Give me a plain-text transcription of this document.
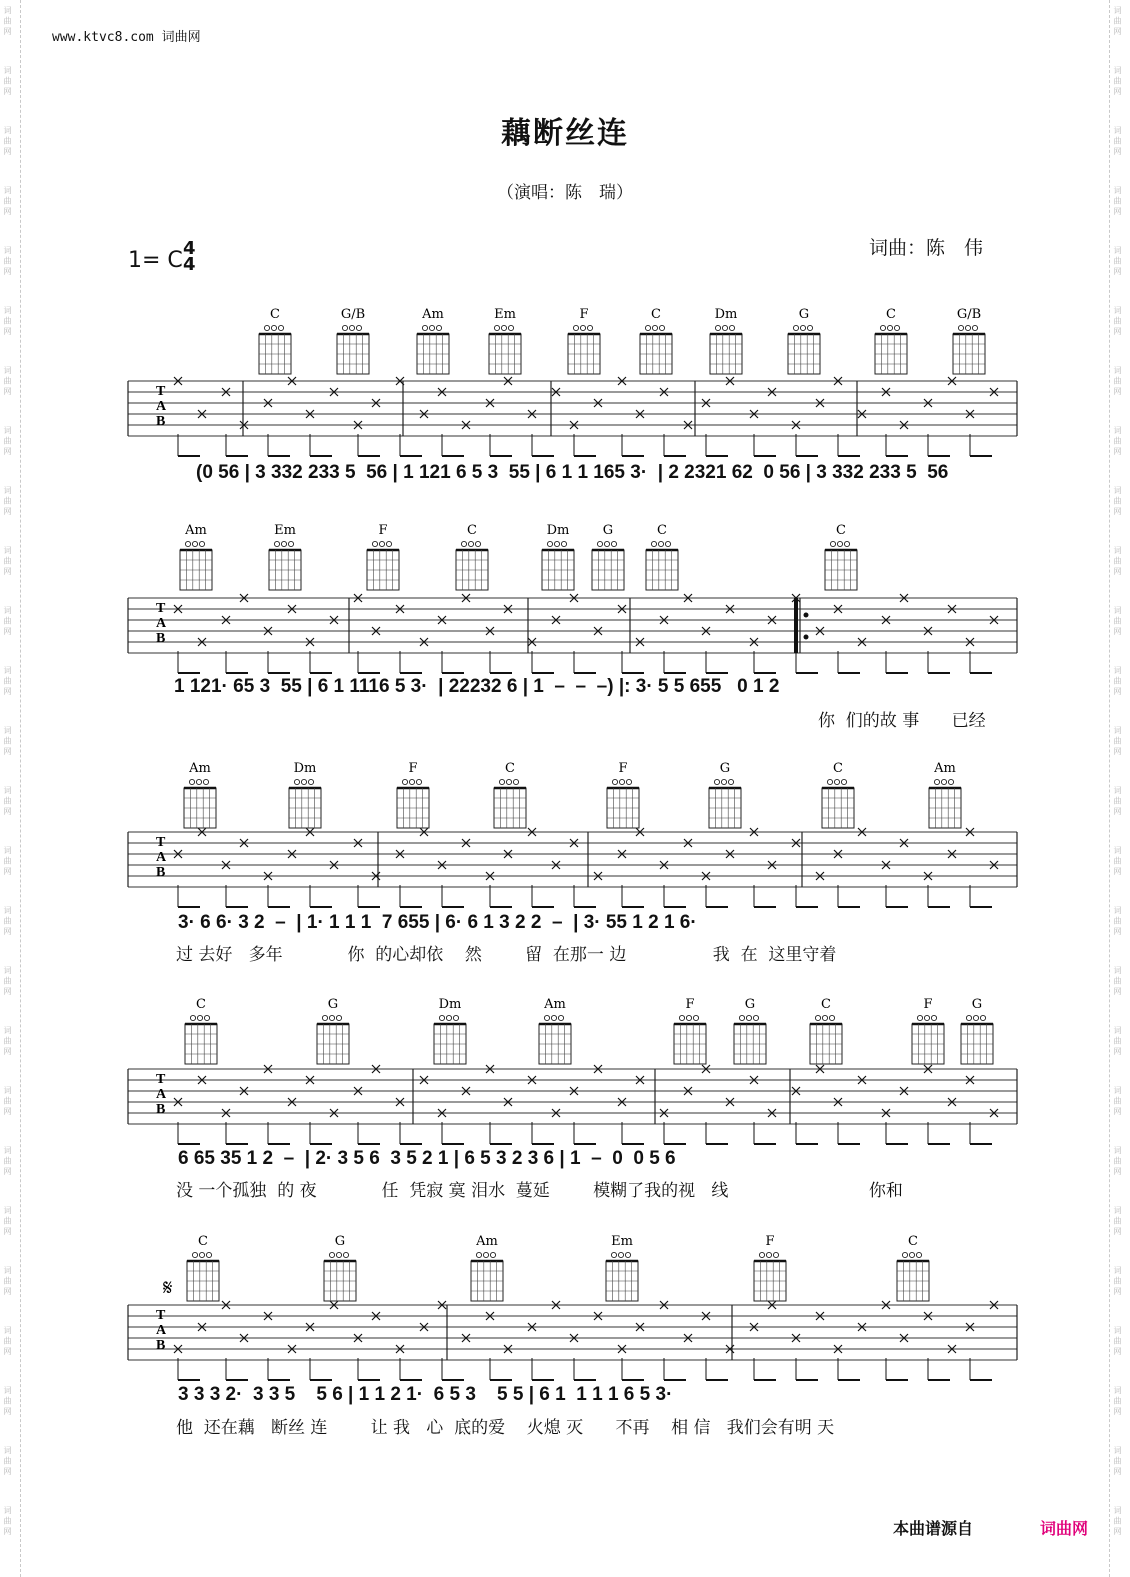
www.ktvc8.com 词曲网
藕断丝连
（演唱：陈　瑞）
词曲：陈　伟
1= C 4
4
T
A
B
C	G/B	Am	Em	F	C	Dm	G	C	G/B
T
A
B
Am	Em	F	C	Dm	G	C	C
T
A
B
Am	Dm	F	C	F	G	C	Am
T
A
B
C	G	Dm	Am	F	G	C	F	G
T
A
B
C	G	Am	Em	F	C
𝄋
(0 56 | 3 332 233 5  56 | 1 121 6 5 3  55 | 6 1 1 165 3·  | 2 2321 62  0 56 | 3 332 233 5  56
1 121· 65 3  55 | 6 1 1116 5 3·  | 22232 6 | 1  –  –  –) |: 3· 5 5 655   0 1 2
你  们的故 事      已经
3· 6 6· 3 2  –  | 1· 1 1 1  7 655 | 6· 6 1 3 2 2  –  | 3· 55 1 2 1 6·
过 去好   多年            你  的心却依    然        留  在那一 边                我  在  这里守着
6 65 35 1 2  –  | 2· 3 5 6  3 5 2 1 | 6 5 3 2 3 6 | 1  –  0  0 5 6
没 一个孤独  的 夜            任  凭寂 寞 泪水  蔓延        模糊了我的视   线                          你和
3 3 3 2·  3 3 5    5 6 | 1 1 2 1·  6 5 3    5 5 | 6 1  1 1 1 6 5 3·
他  还在藕   断丝 连        让 我   心  底的爱    火熄 灭      不再    相 信   我们会有明 天
本曲谱源自	词曲网
词 曲 网	词 曲 网
词 曲 网	词 曲 网
词 曲 网	词 曲 网
词 曲 网	词 曲 网
词 曲 网	词 曲 网
词 曲 网	词 曲 网
词 曲 网	词 曲 网
词 曲 网	词 曲 网
词 曲 网	词 曲 网
词 曲 网	词 曲 网
词 曲 网	词 曲 网
词 曲 网	词 曲 网
词 曲 网	词 曲 网
词 曲 网	词 曲 网
词 曲 网	词 曲 网
词 曲 网	词 曲 网
词 曲 网	词 曲 网
词 曲 网	词 曲 网
词 曲 网	词 曲 网
词 曲 网	词 曲 网
词 曲 网	词 曲 网
词 曲 网	词 曲 网
词 曲 网	词 曲 网
词 曲 网	词 曲 网
词 曲 网	词 曲 网
词 曲 网	词 曲 网
